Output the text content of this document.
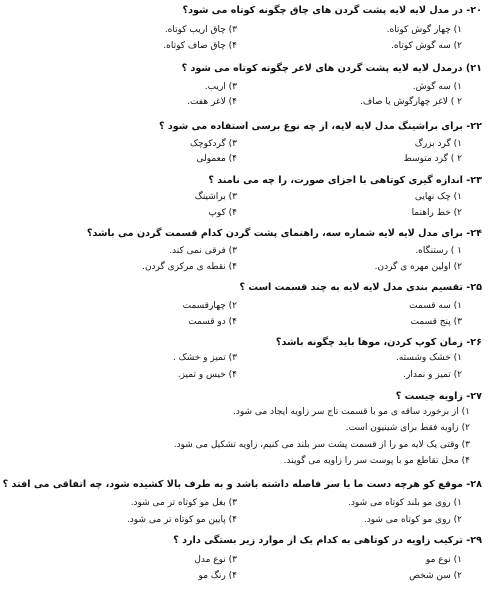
۲۰- در مدل لایه لایه پشت گردن های چاق چگونه کوتاه می شود؟
۱) چهار گوش کوتاه.
۳) چاق اریب کوتاه.
۲) سه گوش کوتاه.
۴) چاق صاف کوتاه.
۲۱) درمدل لایه لایه پشت گردن های لاغر چگونه کوتاه می شود ؟
۱) سه گوش.
۳) اریب.
۲ ) لاغر چهارگوش یا صاف.
۴) لاغر هفت.
۲۲- برای براشینگ مدل لایه لایه، از چه نوع برسی استفاده می شود ؟
۱) گرد بزرگ
۳) گردکوچک
۲ ) گرد متوسط
۴) معمولی
۲۳- اندازه گیری کوتاهی با اجزای صورت، را چه می نامند ؟
۱) چک نهایی
۳) براشینگ
۲) خط راهنما
۴) کوپ
۲۴- برای مدل لایه لایه شماره سه، راهنمای پشت گردن کدام قسمت گردن می باشد؟
۱ ) رستنگاه.
۳) فرقی نمی کند.
۲) اولین مهره ی گردن.
۴) نقطه ی مرکزی گردن.
۲۵- تقسیم بندی مدل لایه لایه به چند قسمت است ؟
۱) سه قسمت
۲) چهارقسمت
۳) پنج قسمت
۴) دو قسمت
۲۶- زمان کوپ کردن، موها باید چگونه باشد؟
۱) خشک وشسته.
۳) تمیز و خشک .
۲) تمیز و نمدار.
۴) خیس و تمیز.
۲۷- زاویه چیست ؟
۱) از برخورد ساقه ی مو با قسمت تاج سر زاویه ایجاد می شود.
۲) زاویه فقط برای شینیون است.
۳) وقتی یک لایه مو را از قسمت پشت سر بلند می کنیم، زاویه تشکیل می شود.
۴) محل تقاطع مو با پوست سر را زاویه می گویند.
۲۸- موقع کو هرچه دست ما با سر فاصله داشته باشد و به طرف بالا کشیده شود، چه اتفاقی می افتد ؟
۱) روی مو بلند کوتاه می شود.
۳) بغل مو کوتاه تر می شود.
۲) روی مو کوتاه می شود.
۴) پایین مو کوتاه تر می شود.
۲۹- ترکیب زاویه در کوتاهی به کدام یک از موارد زیر بستگی دارد ؟
۱) نوع مو
۳) نوع مدل
۲) سن شخص
۴) رنگ مو
